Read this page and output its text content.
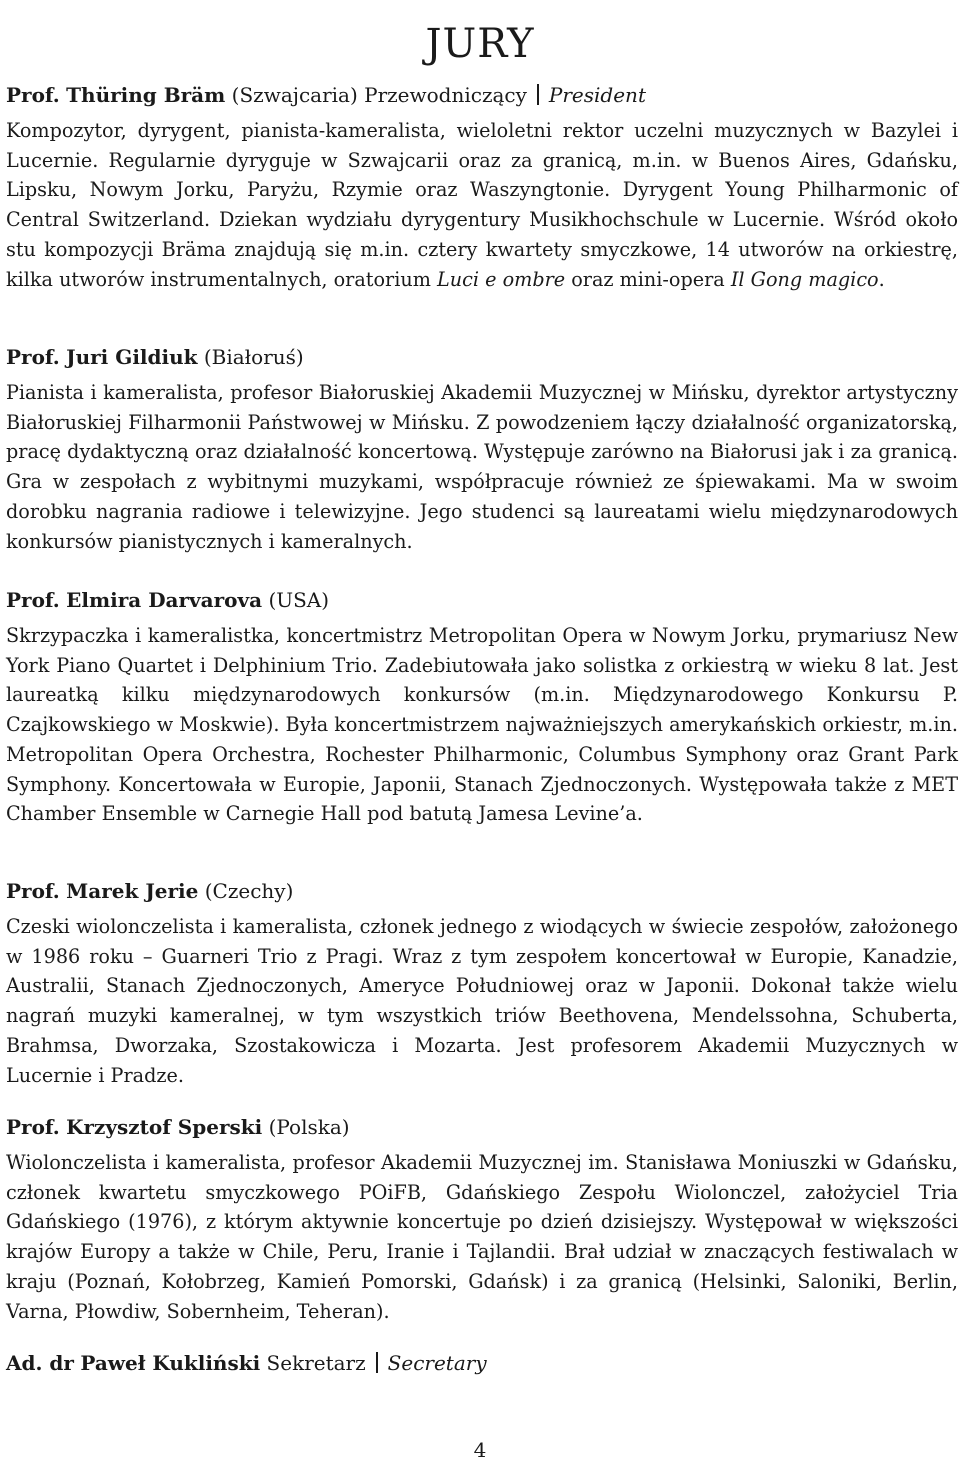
JURY
Prof. Thüring Bräm (Szwajcaria) Przewodniczący President

Kompozytor, dyrygent, pianista-kameralista, wieloletni rektor uczelni muzycznych w Bazylei i Lucernie. Regularnie dyryguje w Szwajcarii oraz za granicą, m.in. w Buenos Aires, Gdańsku, Lipsku, Nowym Jorku, Paryżu, Rzymie oraz Waszyngtonie. Dyrygent Young Philharmonic of Central Switzerland. Dziekan wydziału dyrygentury Musikhochschule w Lucernie. Wśród około stu kompozycji Bräma znajdują się m.in. cztery kwartety smyczkowe, 14 utworów na orkiestrę, kilka utworów instrumentalnych, oratorium Luci e ombre oraz mini-opera Il Gong magico.

Prof. Juri Gildiuk (Białoruś)

Pianista i kameralista, profesor Białoruskiej Akademii Muzycznej w Mińsku, dyrektor artystyczny Białoruskiej Filharmonii Państwowej w Mińsku. Z powodzeniem łączy działalność organizatorską, pracę dydaktyczną oraz działalność koncertową. Występuje zarówno na Białorusi jak i za granicą. Gra w zespołach z wybitnymi muzykami, współpracuje również ze śpiewakami. Ma w swoim dorobku nagrania radiowe i telewizyjne. Jego studenci są laureatami wielu międzynarodowych konkursów pianistycznych i kameralnych.

Prof. Elmira Darvarova (USA)

Skrzypaczka i kameralistka, koncertmistrz Metropolitan Opera w Nowym Jorku, prymariusz New York Piano Quartet i Delphinium Trio. Zadebiutowała jako solistka z orkiestrą w wieku 8 lat. Jest laureatką kilku międzynarodowych konkursów (m.in. Międzynarodowego Konkursu P. Czajkowskiego w Moskwie). Była koncertmistrzem najważniejszych amerykańskich orkiestr, m.in. Metropolitan Opera Orchestra, Rochester Philharmonic, Columbus Symphony oraz Grant Park Symphony. Koncertowała w Europie, Japonii, Stanach Zjednoczonych. Występowała także z MET Chamber Ensemble w Carnegie Hall pod batutą Jamesa Levine’a.

Prof. Marek Jerie (Czechy)

Czeski wiolonczelista i kameralista, członek jednego z wiodących w świecie zespołów, założonego w 1986 roku – Guarneri Trio z Pragi. Wraz z tym zespołem koncertował w Europie, Kanadzie, Australii, Stanach Zjednoczonych, Ameryce Południowej oraz w Japonii. Dokonał także wielu nagrań muzyki kameralnej, w tym wszystkich triów Beethovena, Mendelssohna, Schuberta, Brahmsa, Dworzaka, Szostakowicza i Mozarta. Jest profesorem Akademii Muzycznych w Lucernie i Pradze.

Prof. Krzysztof Sperski (Polska)

Wiolonczelista i kameralista, profesor Akademii Muzycznej im. Stanisława Moniuszki w Gdańsku, członek kwartetu smyczkowego POiFB, Gdańskiego Zespołu Wiolonczel, założyciel Tria Gdańskiego (1976), z którym aktywnie koncertuje po dzień dzisiejszy. Występował w większości krajów Europy a także w Chile, Peru, Iranie i Tajlandii. Brał udział w znaczących festiwalach w kraju (Poznań, Kołobrzeg, Kamień Pomorski, Gdańsk) i za granicą (Helsinki, Saloniki, Berlin, Varna, Płowdiw, Sobernheim, Teheran).

Ad. dr Paweł Kukliński Sekretarz Secretary
4
